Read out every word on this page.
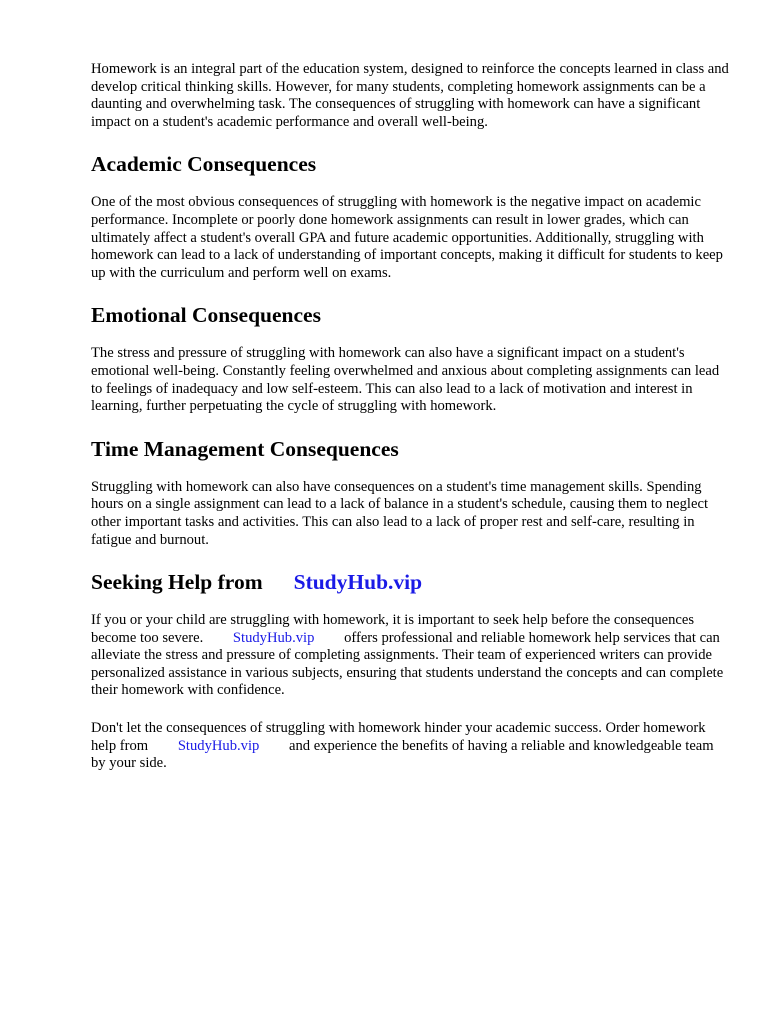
Homework is an integral part of the education system, designed to reinforce the concepts learned in class and develop critical thinking skills. However, for many students, completing homework assignments can be a daunting and overwhelming task. The consequences of struggling with homework can have a significant impact on a student's academic performance and overall well-being.

Academic Consequences

One of the most obvious consequences of struggling with homework is the negative impact on academic performance. Incomplete or poorly done homework assignments can result in lower grades, which can ultimately affect a student's overall GPA and future academic opportunities. Additionally, struggling with homework can lead to a lack of understanding of important concepts, making it difficult for students to keep up with the curriculum and perform well on exams.

Emotional Consequences

The stress and pressure of struggling with homework can also have a significant impact on a student's emotional well-being. Constantly feeling overwhelmed and anxious about completing assignments can lead to feelings of inadequacy and low self-esteem. This can also lead to a lack of motivation and interest in learning, further perpetuating the cycle of struggling with homework.

Time Management Consequences

Struggling with homework can also have consequences on a student's time management skills. Spending hours on a single assignment can lead to a lack of balance in a student's schedule, causing them to neglect other important tasks and activities. This can also lead to a lack of proper rest and self-care, resulting in fatigue and burnout.

Seeking Help from StudyHub.vip

If you or your child are struggling with homework, it is important to seek help before the consequences become too severe. StudyHub.vip offers professional and reliable homework help services that can alleviate the stress and pressure of completing assignments. Their team of experienced writers can provide personalized assistance in various subjects, ensuring that students understand the concepts and can complete their homework with confidence.

Don't let the consequences of struggling with homework hinder your academic success. Order homework help from StudyHub.vip and experience the benefits of having a reliable and knowledgeable team by your side.
